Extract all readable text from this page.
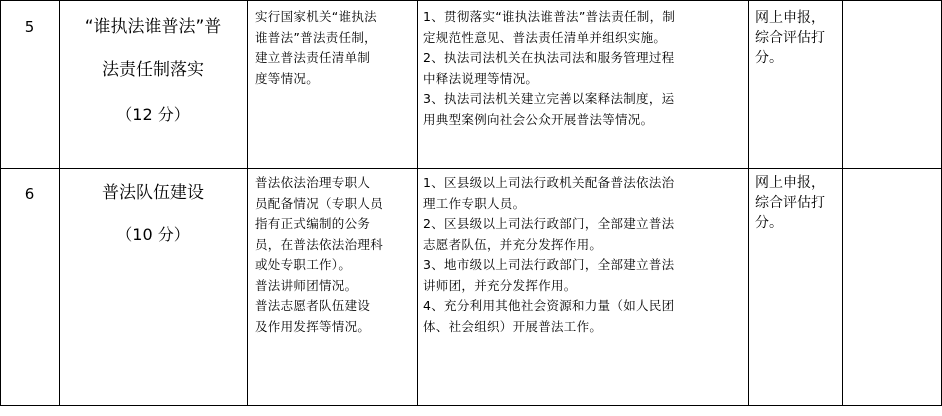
5	“谁执法谁普法”普
法责任制落实
（12 分）
实行国家机关“谁执法
谁普法”普法责任制，
建立普法责任清单制
度等情况。
1、贯彻落实“谁执法谁普法”普法责任制，制
定规范性意见、普法责任清单并组织实施。
2、执法司法机关在执法司法和服务管理过程
中释法说理等情况。
3、执法司法机关建立完善以案释法制度，运
用典型案例向社会公众开展普法等情况。
网上申报，
综合评估打
分。
6	普法队伍建设
（10 分）
普法依法治理专职人
员配备情况（专职人员
指有正式编制的公务
员，在普法依法治理科
或处专职工作）。
普法讲师团情况。
普法志愿者队伍建设
及作用发挥等情况。
1、区县级以上司法行政机关配备普法依法治
理工作专职人员。
2、区县级以上司法行政部门，全部建立普法
志愿者队伍，并充分发挥作用。
3、地市级以上司法行政部门，全部建立普法
讲师团，并充分发挥作用。
4、充分利用其他社会资源和力量（如人民团
体、社会组织）开展普法工作。
网上申报，
综合评估打
分。
